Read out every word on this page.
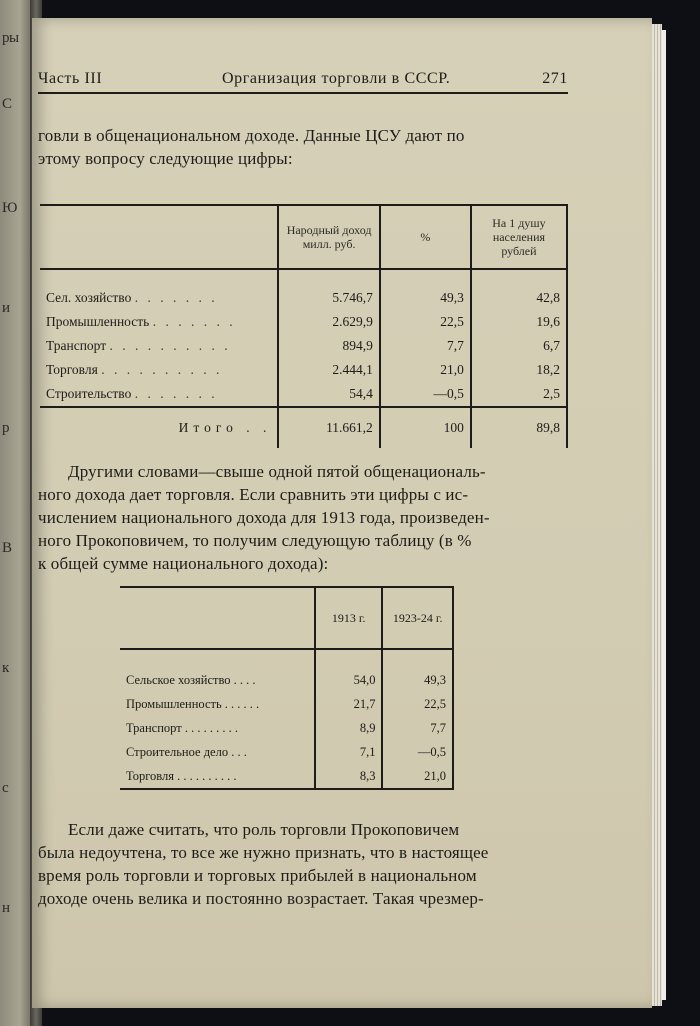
ры
C
Ю
и
p
В
к
с
н
Часть III	Организация торговли в СССР.	271
говли в общенациональном доходе. Данные ЦСУ дают по
этому вопросу следующие цифры:
	Народный доход милл. руб.	%	На 1 душу населения рублей

Сел. хозяйство . . . . . . .	5.746,7	49,3	42,8
Промышленность . . . . . . .	2.629,9	22,5	19,6
Транспорт . . . . . . . . . .	894,9	7,7	6,7
Торговля . . . . . . . . . .	2.444,1	21,0	18,2
Строительство . . . . . . .	54,4	—0,5	2,5
Итого . .	11.661,2	100	89,8
Другими словами—свыше одной пятой общенациональ-
ного дохода дает торговля. Если сравнить эти цифры с ис-
числением национального дохода для 1913 года, произведен-
ного Прокоповичем, то получим следующую таблицу (в %
к общей сумме национального дохода):
	1913 г.	1923-24 г.

Сельское хозяйство . . . .	54,0	49,3
Промышленность . . . . . .	21,7	22,5
Транспорт . . . . . . . . .	8,9	7,7
Строительное дело . . .	7,1	—0,5
Торговля . . . . . . . . . .	8,3	21,0
Если даже считать, что роль торговли Прокоповичем
была недоучтена, то все же нужно признать, что в настоящее
время роль торговли и торговых прибылей в национальном
доходе очень велика и постоянно возрастает. Такая чрезмер-
